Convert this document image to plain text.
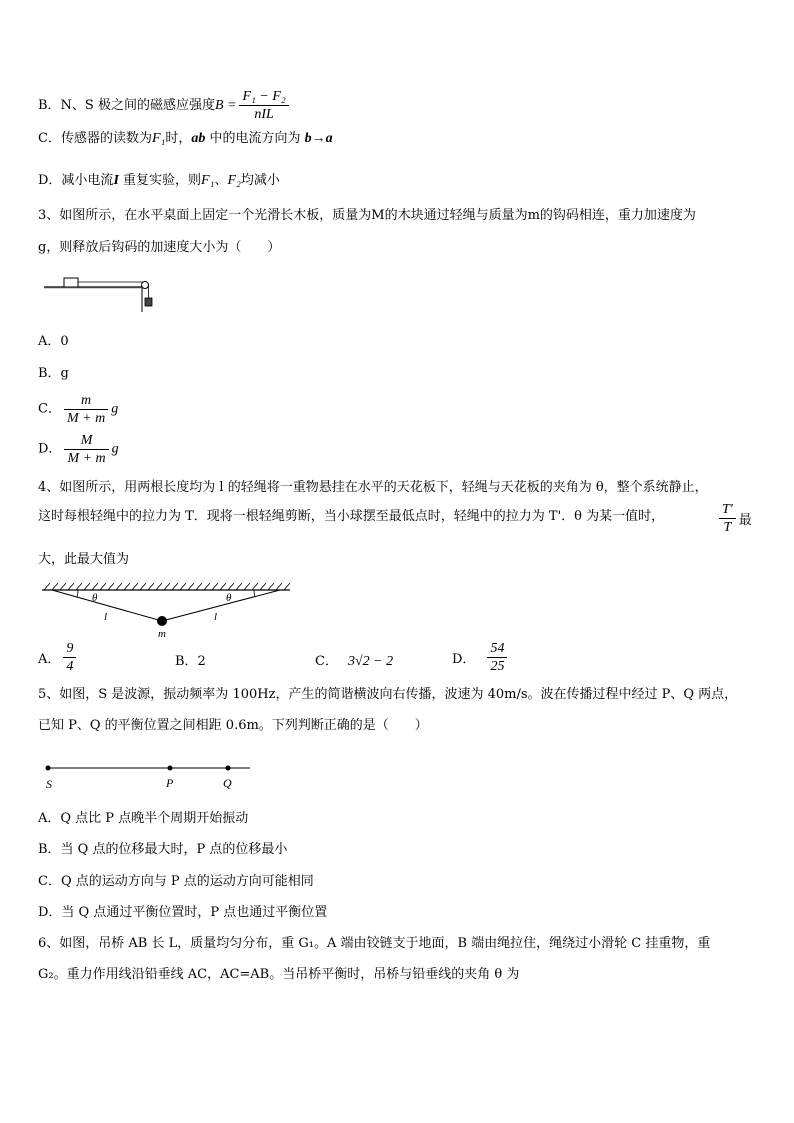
B．N、S 极之间的磁感应强度$B = \frac{\text{F₁ − F₂}}{\text{nIL}}$
C．传感器的读数为F₁时，ab 中的电流方向为 b→a
D．减小电流I 重复实验，则F₁、F₂均减小
3、如图所示，在水平桌面上固定一个光滑长木板，质量为M的木块通过轻绳与质量为m的钩码相连，重力加速度为
g，则释放后钩码的加速度大小为（　　）
A．0
B．g
C． $\frac{m}{M + m}$ g
D． $\frac{M}{M + m}$ g
4、如图所示，用两根长度均为 l 的轻绳将一重物悬挂在水平的天花板下，轻绳与天花板的夹角为 θ，整个系统静止，
这时每根轻绳中的拉力为 T．现将一根轻绳剪断，当小球摆至最低点时，轻绳中的拉力为 T'．θ 为某一值时，	$\frac{T'}{T}$ 最
大，此最大值为
θ	θ
l	l
m
A． $\frac{9}{4}$	B．2	C． 3√2 − 2	D． $\frac{54}{25}$
5、如图，S 是波源，振动频率为 100Hz，产生的简谐横波向右传播，波速为 40m/s。波在传播过程中经过 P、Q 两点，
已知 P、Q 的平衡位置之间相距 0.6m。下列判断正确的是（　　）
S	P	Q
A．Q 点比 P 点晚半个周期开始振动
B．当 Q 点的位移最大时，P 点的位移最小
C．Q 点的运动方向与 P 点的运动方向可能相同
D．当 Q 点通过平衡位置时，P 点也通过平衡位置
6、如图，吊桥 AB 长 L，质量均匀分布，重 G₁。A 端由铰链支于地面，B 端由绳拉住，绳绕过小滑轮 C 挂重物，重
G₂。重力作用线沿铅垂线 AC，AC=AB。当吊桥平衡时，吊桥与铅垂线的夹角 θ 为
